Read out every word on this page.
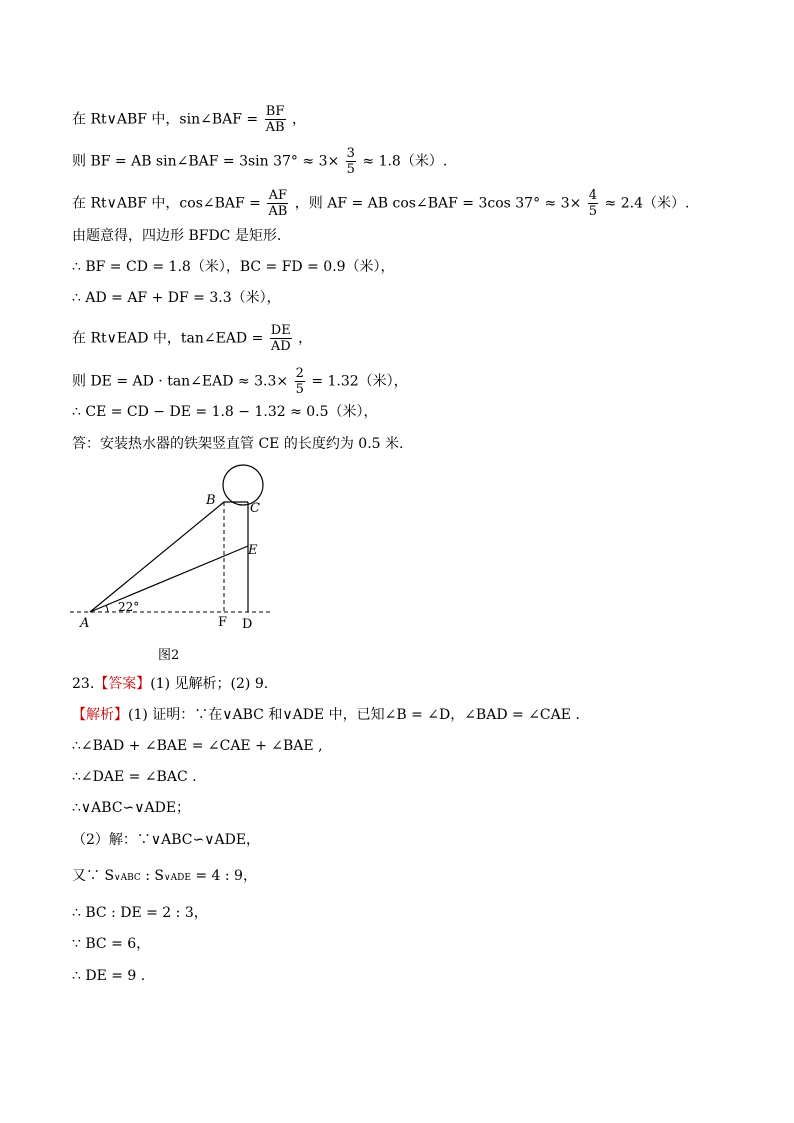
在 Rt∨ABF 中，sin∠BAF = $\frac{BF}{AB}$ ，
则 BF = AB sin∠BAF = 3sin $37^\circ \approx 3\times \frac{3}{5} \approx 1.8$（米）.
在 Rt∨ABF 中，cos∠BAF = $\frac{AF}{AB}$ ，则 AF = AB cos∠BAF = 3cos $37^\circ \approx 3\times \frac{4}{5} \approx 2.4$（米）.
由题意得，四边形 BFDC 是矩形.
∴ BF = CD = 1.8（米），BC = FD = 0.9（米），
∴ AD = AF + DF = 3.3（米），
在 Rt∨EAD 中，tan∠EAD = $\frac{DE}{AD}$ ，
则 DE = AD · tan∠EAD ≈ $3.3\times \frac{2}{5} = 1.32$（米），
∴ CE = CD − DE = 1.8 − 1.32 ≈ 0.5（米），
答：安装热水器的铁架竖直管 CE 的长度约为 0.5 米.
22°
A
B
C
E
F D
图2
23.【答案】(1) 见解析；(2) 9.
【解析】(1) 证明：∵在∨ABC 和∨ADE 中，已知∠B = ∠D，∠BAD = ∠CAE .
∴∠BAD + ∠BAE = ∠CAE + ∠BAE ,
∴∠DAE = ∠BAC .
∴∨ABC∽∨ADE；
（2）解：∵∨ABC∽∨ADE，
又∵ S∨ABC : S∨ADE = 4 : 9，
∴ BC : DE = 2 : 3，
∵ BC = 6，
∴ DE = 9 .
